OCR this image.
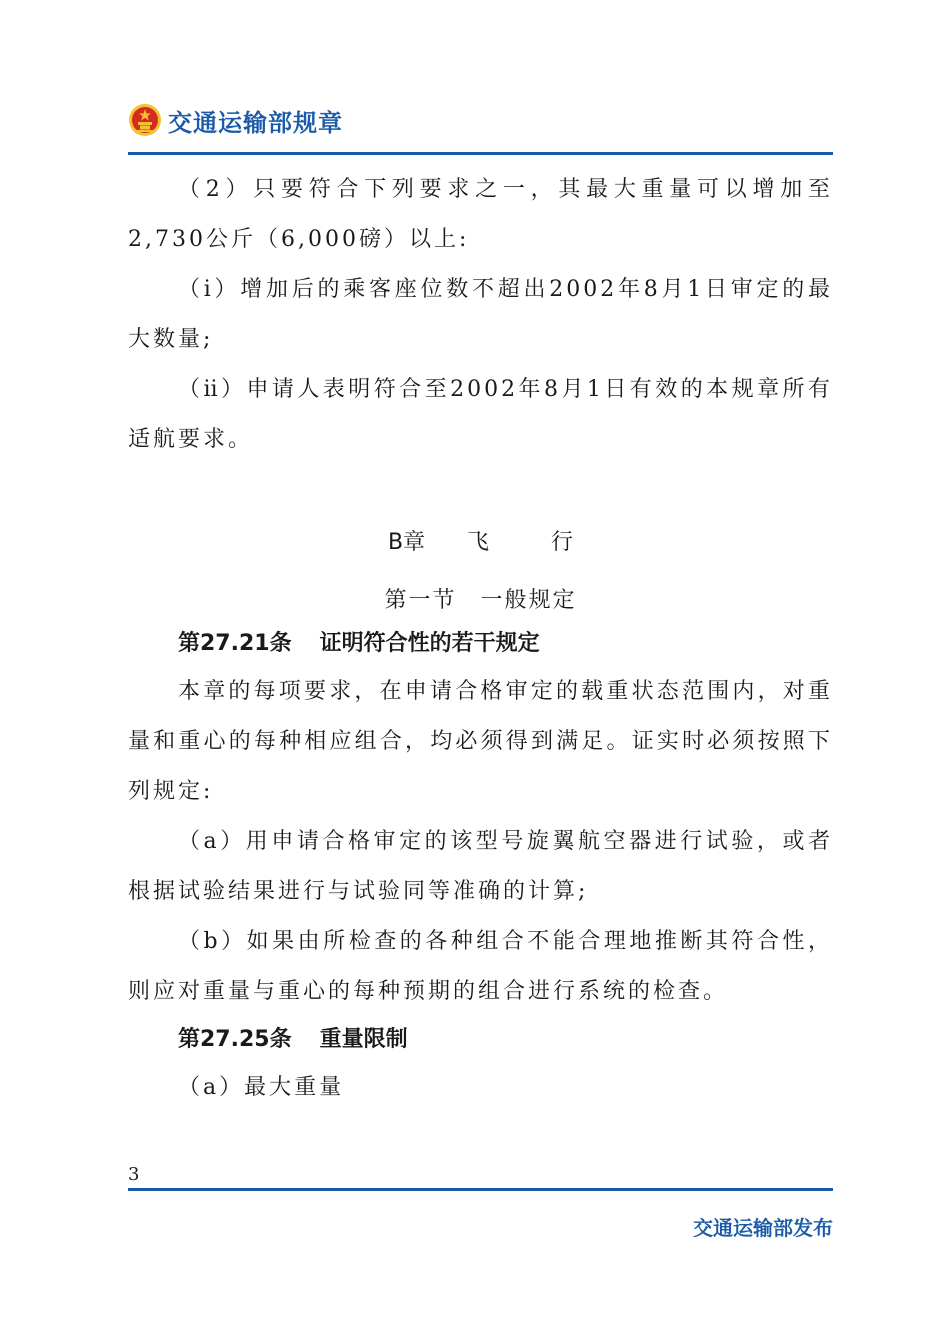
交通运输部规章

（2）只要符合下列要求之一，其最大重量可以增加至2,730公斤（6,000磅）以上:

（ⅰ）增加后的乘客座位数不超出2002年8月1日审定的最大数量;

（ⅱ）申请人表明符合至2002年8月1日有效的本规章所有适航要求。

B章 飞	行
第一节　一般规定
第27.21条 证明符合性的若干规定

本章的每项要求，在申请合格审定的载重状态范围内，对重量和重心的每种相应组合，均必须得到满足。证实时必须按照下列规定:

（a）用申请合格审定的该型号旋翼航空器进行试验，或者根据试验结果进行与试验同等准确的计算;

（b）如果由所检查的各种组合不能合理地推断其符合性，则应对重量与重心的每种预期的组合进行系统的检查。

第27.25条 重量限制

（a）最大重量

3
交通运输部发布
